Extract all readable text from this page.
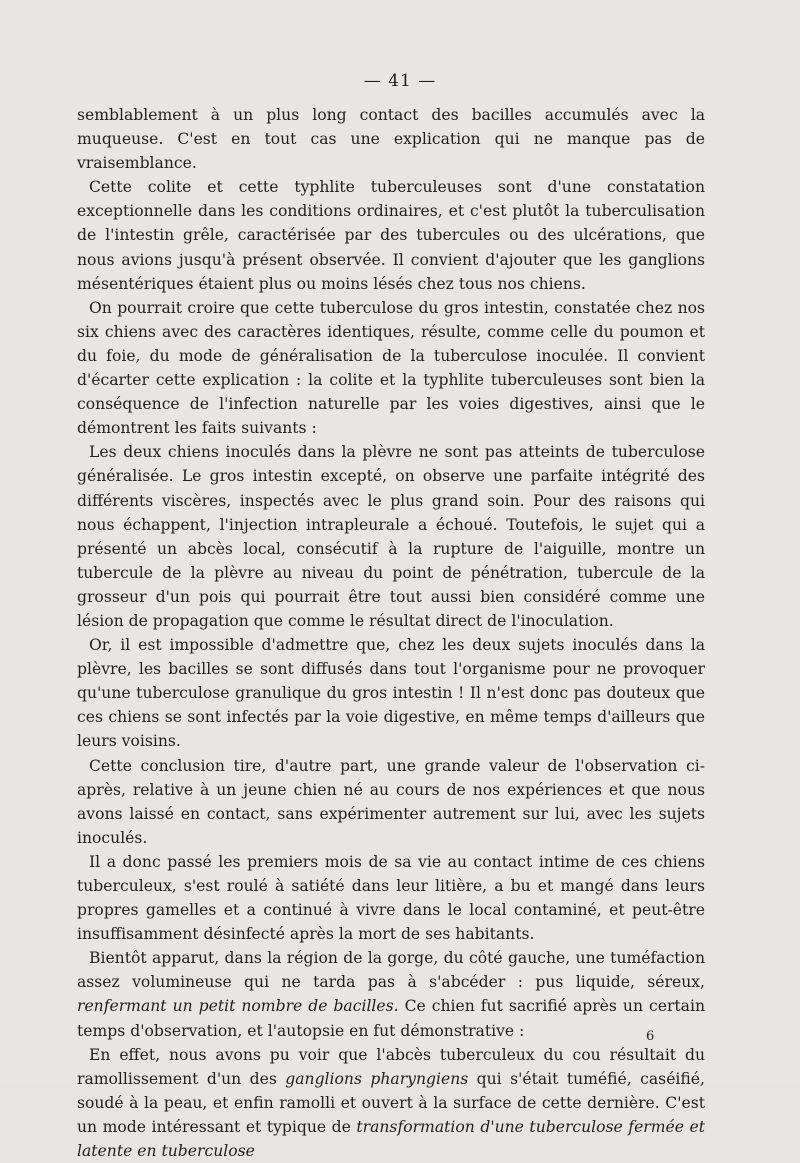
— 41 —

semblablement à un plus long contact des bacilles accumulés avec la muqueuse. C'est en tout cas une explication qui ne manque pas de vraisemblance.

Cette colite et cette typhlite tuberculeuses sont d'une constatation exceptionnelle dans les conditions ordinaires, et c'est plutôt la tuberculisation de l'intestin grêle, caractérisée par des tubercules ou des ulcérations, que nous avions jusqu'à présent observée. Il convient d'ajouter que les ganglions mésentériques étaient plus ou moins lésés chez tous nos chiens.

On pourrait croire que cette tuberculose du gros intestin, constatée chez nos six chiens avec des caractères identiques, résulte, comme celle du poumon et du foie, du mode de généralisation de la tuberculose inoculée. Il convient d'écarter cette explication : la colite et la typhlite tuberculeuses sont bien la conséquence de l'infection naturelle par les voies digestives, ainsi que le démontrent les faits suivants :

Les deux chiens inoculés dans la plèvre ne sont pas atteints de tuberculose généralisée. Le gros intestin excepté, on observe une parfaite intégrité des différents viscères, inspectés avec le plus grand soin. Pour des raisons qui nous échappent, l'injection intrapleurale a échoué. Toutefois, le sujet qui a présenté un abcès local, consécutif à la rupture de l'aiguille, montre un tubercule de la plèvre au niveau du point de pénétration, tubercule de la grosseur d'un pois qui pourrait être tout aussi bien considéré comme une lésion de propagation que comme le résultat direct de l'inoculation.

Or, il est impossible d'admettre que, chez les deux sujets inoculés dans la plèvre, les bacilles se sont diffusés dans tout l'organisme pour ne provoquer qu'une tuberculose granulique du gros intestin ! Il n'est donc pas douteux que ces chiens se sont infectés par la voie digestive, en même temps d'ailleurs que leurs voisins.

Cette conclusion tire, d'autre part, une grande valeur de l'observation ci-après, relative à un jeune chien né au cours de nos expériences et que nous avons laissé en contact, sans expérimenter autrement sur lui, avec les sujets inoculés.

Il a donc passé les premiers mois de sa vie au contact intime de ces chiens tuberculeux, s'est roulé à satiété dans leur litière, a bu et mangé dans leurs propres gamelles et a continué à vivre dans le local contaminé, et peut-être insuffisamment désinfecté après la mort de ses habitants.

Bientôt apparut, dans la région de la gorge, du côté gauche, une tuméfaction assez volumineuse qui ne tarda pas à s'abcéder : pus liquide, séreux, renfermant un petit nombre de bacilles. Ce chien fut sacrifié après un certain temps d'observation, et l'autopsie en fut démonstrative :

En effet, nous avons pu voir que l'abcès tuberculeux du cou résultait du ramollissement d'un des ganglions pharyngiens qui s'était tuméfié, caséifié, soudé à la peau, et enfin ramolli et ouvert à la surface de cette dernière. C'est un mode intéressant et typique de transformation d'une tuberculose fermée et latente en tuberculose

6
